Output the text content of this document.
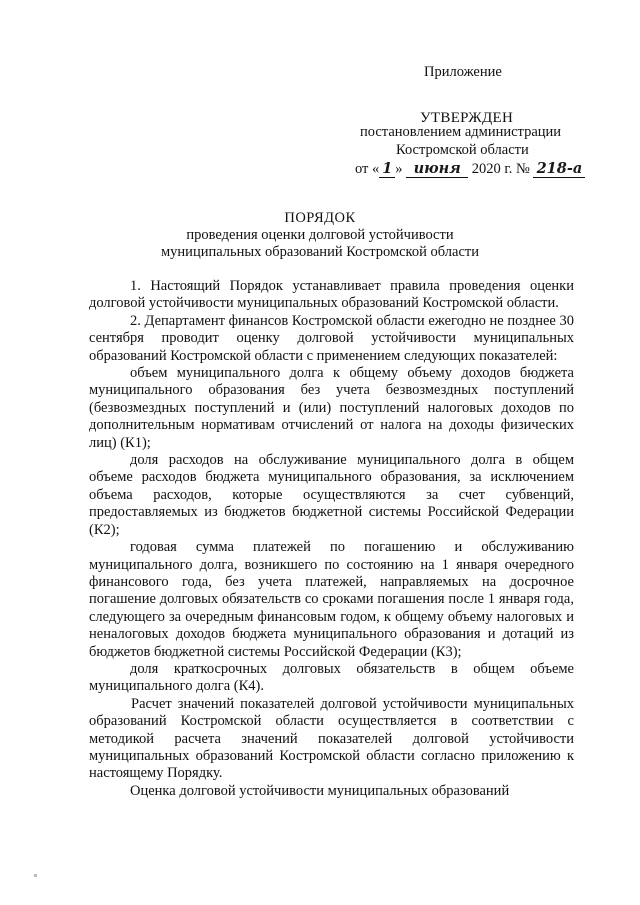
Приложение
УТВЕРЖДЕН
постановлением администрации
Костромской области
от « 1 » июня 2020 г. № 218-а
ПОРЯДОК
проведения оценки долговой устойчивости
муниципальных образований Костромской области

1. Настоящий Порядок устанавливает правила проведения оценки долговой устойчивости муниципальных образований Костромской области.

2. Департамент финансов Костромской области ежегодно не позднее 30 сентября проводит оценку долговой устойчивости муниципальных образований Костромской области с применением следующих показателей:

объем муниципального долга к общему объему доходов бюджета муниципального образования без учета безвозмездных поступлений (безвозмездных поступлений и (или) поступлений налоговых доходов по дополнительным нормативам отчислений от налога на доходы физических лиц) (К1);

доля расходов на обслуживание муниципального долга в общем объеме расходов бюджета муниципального образования, за исключением объема расходов, которые осуществляются за счет субвенций, предоставляемых из бюджетов бюджетной системы Российской Федерации (К2);

годовая сумма платежей по погашению и обслуживанию муниципального долга, возникшего по состоянию на 1 января очередного финансового года, без учета платежей, направляемых на досрочное погашение долговых обязательств со сроками погашения после 1 января года, следующего за очередным финансовым годом, к общему объему налоговых и неналоговых доходов бюджета муниципального образования и дотаций из бюджетов бюджетной системы Российской Федерации (К3);

доля краткосрочных долговых обязательств в общем объеме муниципального долга (К4).

Расчет значений показателей долговой устойчивости муниципальных образований Костромской области осуществляется в соответствии с методикой расчета значений показателей долговой устойчивости муниципальных образований Костромской области согласно приложению к настоящему Порядку.

Оценка долговой устойчивости муниципальных образований
